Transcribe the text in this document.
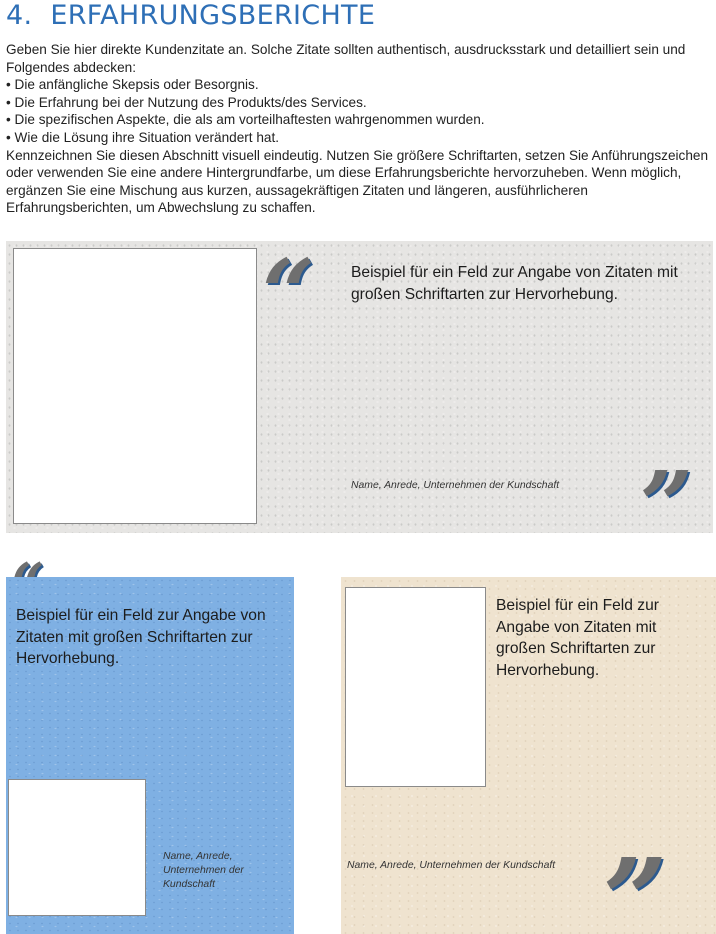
4. ERFAHRUNGSBERICHTE

Geben Sie hier direkte Kundenzitate an. Solche Zitate sollten authentisch, ausdrucksstark und detailliert sein und Folgendes abdecken:

• Die anfängliche Skepsis oder Besorgnis.
• Die Erfahrung bei der Nutzung des Produkts/des Services.
• Die spezifischen Aspekte, die als am vorteilhaftesten wahrgenommen wurden.
• Wie die Lösung ihre Situation verändert hat.

Kennzeichnen Sie diesen Abschnitt visuell eindeutig. Nutzen Sie größere Schriftarten, setzen Sie Anführungszeichen oder verwenden Sie eine andere Hintergrundfarbe, um diese Erfahrungsberichte hervorzuheben. Wenn möglich, ergänzen Sie eine Mischung aus kurzen, aussagekräftigen Zitaten und längeren, ausführlicheren Erfahrungsberichten, um Abwechslung zu schaffen.

“ Beispiel für ein Feld zur Angabe von Zitaten mit großen Schriftarten zur Hervorhebung.

Name, Anrede, Unternehmen der Kundschaft ”

Beispiel für ein Feld zur Angabe von Zitaten mit großen Schriftarten zur Hervorhebung.

Name, Anrede, Unternehmen der Kundschaft

Beispiel für ein Feld zur Angabe von Zitaten mit großen Schriftarten zur Hervorhebung.

Name, Anrede, Unternehmen der Kundschaft ”
